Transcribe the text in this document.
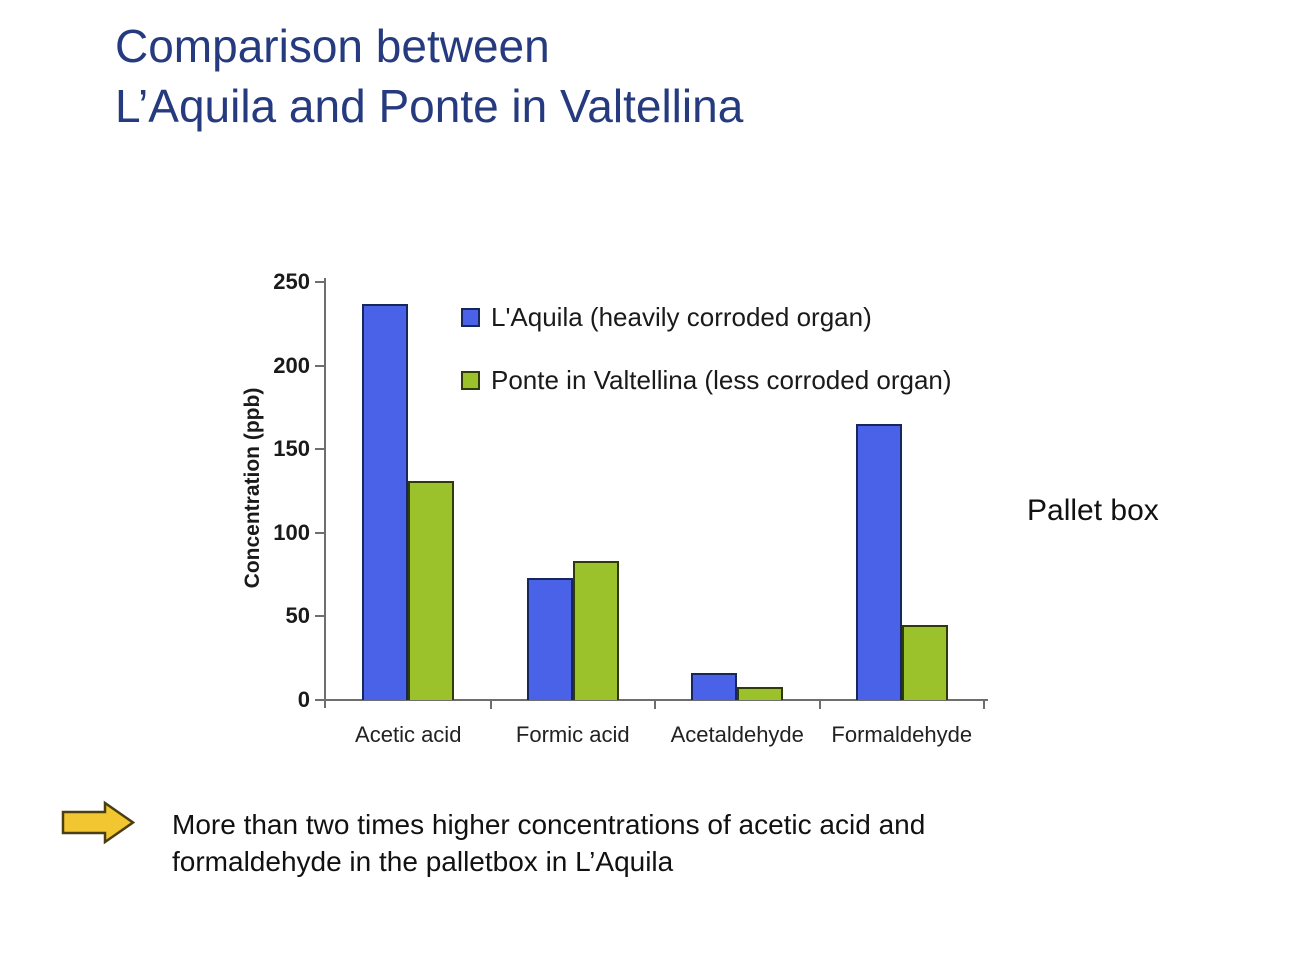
Comparison between
L’Aquila and Ponte in Valtellina
Concentration (ppb)
L'Aquila (heavily corroded organ)
Ponte in Valtellina (less corroded organ)
0
50
100
150
200
250
Acetic acid	Formic acid	Acetaldehyde	Formaldehyde
Pallet box
More than two times higher concentrations of acetic acid and
formaldehyde in the palletbox in L’Aquila
